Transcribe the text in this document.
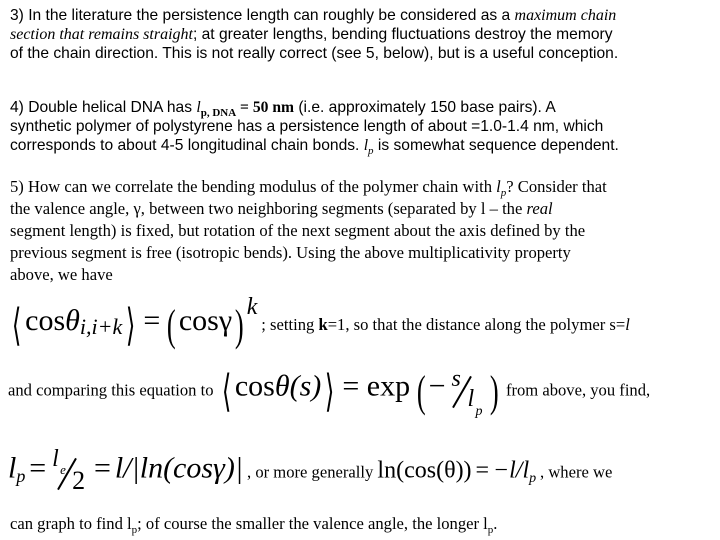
3) In the literature the persistence length can roughly be considered as a maximum chain
section that remains straight; at greater lengths, bending fluctuations destroy the memory
of the chain direction. This is not really correct (see 5, below), but is a useful conception.
4) Double helical DNA has $l_{p, DNA} = 50$ nm (i.e. approximately 150 base pairs). A
synthetic polymer of polystyrene has a persistence length of about =1.0-1.4 nm, which
corresponds to about 4-5 longitudinal chain bonds. $l_p$ is somewhat sequence dependent.
5) How can we correlate the bending modulus of the polymer chain with $l_p$? Consider that
the valence angle, γ, between two neighboring segments (separated by l – the real
segment length) is fixed, but rotation of the next segment about the axis defined by the
previous segment is free (isotropic bends). Using the above multiplicativity property
above, we have
⟨ cosθ$_{i,i+k}$⟩ = (cosγ) $^k$ ; setting k=1, so that the distance along the polymer s=l
and comparing this equation to ⟨ cosθ(s)⟩ = exp (− s
l p ) from above, you find,
$l_p = l$ e 2 = l/|ln(cosγ)| , or more generally $\ln(\cos(\theta)) = -l/l_p$ , where we
can graph to find $l_p$; of course the smaller the valence angle, the longer $l_p$.
